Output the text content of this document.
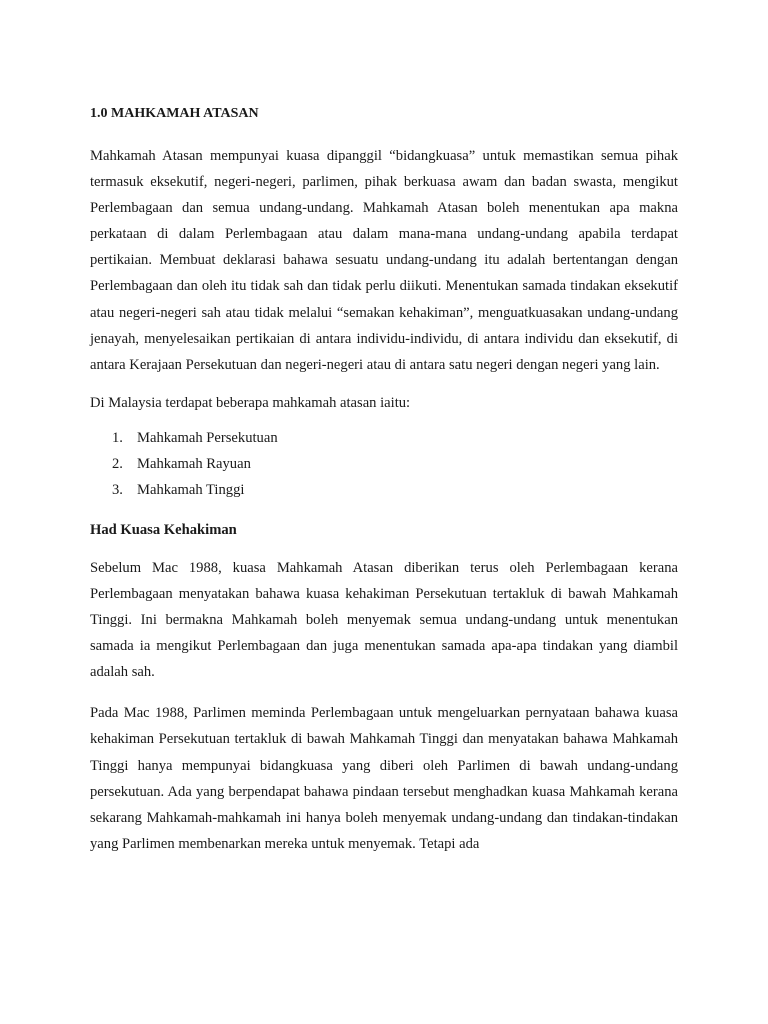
1.0 MAHKAMAH ATASAN

Mahkamah Atasan mempunyai kuasa dipanggil “bidangkuasa” untuk memastikan semua pihak termasuk eksekutif, negeri-negeri, parlimen, pihak berkuasa awam dan badan swasta, mengikut Perlembagaan dan semua undang-undang. Mahkamah Atasan boleh menentukan apa makna perkataan di dalam Perlembagaan atau dalam mana-mana undang-undang apabila terdapat pertikaian. Membuat deklarasi bahawa sesuatu undang-undang itu adalah bertentangan dengan Perlembagaan dan oleh itu tidak sah dan tidak perlu diikuti. Menentukan samada tindakan eksekutif atau negeri-negeri sah atau tidak melalui “semakan kehakiman”, menguatkuasakan undang-undang jenayah, menyelesaikan pertikaian di antara individu-individu, di antara individu dan eksekutif, di antara Kerajaan Persekutuan dan negeri-negeri atau di antara satu negeri dengan negeri yang lain.

Di Malaysia terdapat beberapa mahkamah atasan iaitu:
1. Mahkamah Persekutuan
2. Mahkamah Rayuan
3. Mahkamah Tinggi
Had Kuasa Kehakiman

Sebelum Mac 1988, kuasa Mahkamah Atasan diberikan terus oleh Perlembagaan kerana Perlembagaan menyatakan bahawa kuasa kehakiman Persekutuan tertakluk di bawah Mahkamah Tinggi. Ini bermakna Mahkamah boleh menyemak semua undang-undang untuk menentukan samada ia mengikut Perlembagaan dan juga menentukan samada apa-apa tindakan yang diambil adalah sah.

Pada Mac 1988, Parlimen meminda Perlembagaan untuk mengeluarkan pernyataan bahawa kuasa kehakiman Persekutuan tertakluk di bawah Mahkamah Tinggi dan menyatakan bahawa Mahkamah Tinggi hanya mempunyai bidangkuasa yang diberi oleh Parlimen di bawah undang-undang persekutuan. Ada yang berpendapat bahawa pindaan tersebut menghadkan kuasa Mahkamah kerana sekarang Mahkamah-mahkamah ini hanya boleh menyemak undang-undang dan tindakan-tindakan yang Parlimen membenarkan mereka untuk menyemak. Tetapi ada
